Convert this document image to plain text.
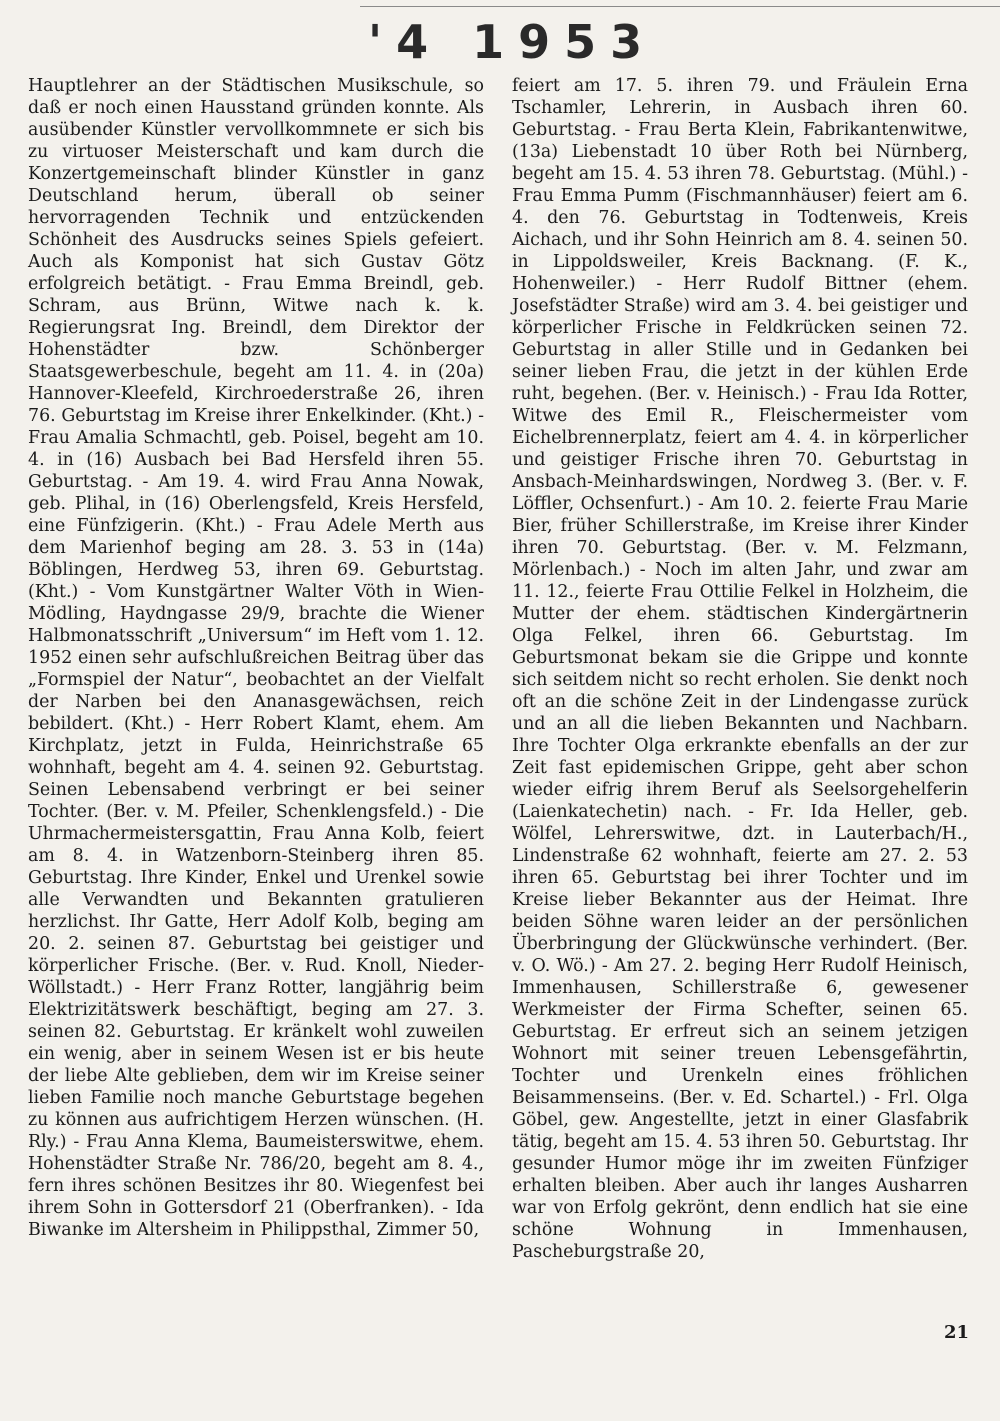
'4 1953

Hauptlehrer an der Städtischen Musikschule, so daß er noch einen Hausstand gründen konnte. Als ausübender Künstler vervollkommnete er sich bis zu virtuoser Meisterschaft und kam durch die Konzertgemeinschaft blinder Künstler in ganz Deutschland herum, überall ob seiner hervorragenden Technik und entzückenden Schönheit des Ausdrucks seines Spiels gefeiert. Auch als Komponist hat sich Gustav Götz erfolgreich betätigt. - Frau Emma Breindl, geb. Schram, aus Brünn, Witwe nach k. k. Regierungsrat Ing. Breindl, dem Direktor der Hohenstädter bzw. Schönberger Staatsgewerbeschule, begeht am 11. 4. in (20a) Hannover-Kleefeld, Kirchroederstraße 26, ihren 76. Geburtstag im Kreise ihrer Enkelkinder. (Kht.) - Frau Amalia Schmachtl, geb. Poisel, begeht am 10. 4. in (16) Ausbach bei Bad Hersfeld ihren 55. Geburtstag. - Am 19. 4. wird Frau Anna Nowak, geb. Plihal, in (16) Oberlengsfeld, Kreis Hersfeld, eine Fünfzigerin. (Kht.) - Frau Adele Merth aus dem Marienhof beging am 28. 3. 53 in (14a) Böblingen, Herdweg 53, ihren 69. Geburtstag. (Kht.) - Vom Kunstgärtner Walter Vöth in Wien-Mödling, Haydngasse 29/9, brachte die Wiener Halbmonatsschrift „Universum“ im Heft vom 1. 12. 1952 einen sehr aufschlußreichen Beitrag über das „Formspiel der Natur“, beobachtet an der Vielfalt der Narben bei den Ananasgewächsen, reich bebildert. (Kht.) - Herr Robert Klamt, ehem. Am Kirchplatz, jetzt in Fulda, Heinrichstraße 65 wohnhaft, begeht am 4. 4. seinen 92. Geburtstag. Seinen Lebensabend verbringt er bei seiner Tochter. (Ber. v. M. Pfeiler, Schenklengsfeld.) - Die Uhrmachermeistersgattin, Frau Anna Kolb, feiert am 8. 4. in Watzenborn-Steinberg ihren 85. Geburtstag. Ihre Kinder, Enkel und Urenkel sowie alle Verwandten und Bekannten gratulieren herzlichst. Ihr Gatte, Herr Adolf Kolb, beging am 20. 2. seinen 87. Geburtstag bei geistiger und körperlicher Frische. (Ber. v. Rud. Knoll, Nieder-Wöllstadt.) - Herr Franz Rotter, langjährig beim Elektrizitätswerk beschäftigt, beging am 27. 3. seinen 82. Geburtstag. Er kränkelt wohl zuweilen ein wenig, aber in seinem Wesen ist er bis heute der liebe Alte geblieben, dem wir im Kreise seiner lieben Familie noch manche Geburtstage begehen zu können aus aufrichtigem Herzen wünschen. (H. Rly.) - Frau Anna Klema, Baumeisterswitwe, ehem. Hohenstädter Straße Nr. 786/20, begeht am 8. 4., fern ihres schönen Besitzes ihr 80. Wiegenfest bei ihrem Sohn in Gottersdorf 21 (Oberfranken). - Ida Biwanke im Altersheim in Philippsthal, Zimmer 50,

feiert am 17. 5. ihren 79. und Fräulein Erna Tschamler, Lehrerin, in Ausbach ihren 60. Geburtstag. - Frau Berta Klein, Fabrikantenwitwe, (13a) Liebenstadt 10 über Roth bei Nürnberg, begeht am 15. 4. 53 ihren 78. Geburtstag. (Mühl.) - Frau Emma Pumm (Fischmannhäuser) feiert am 6. 4. den 76. Geburtstag in Todtenweis, Kreis Aichach, und ihr Sohn Heinrich am 8. 4. seinen 50. in Lippoldsweiler, Kreis Backnang. (F. K., Hohenweiler.) - Herr Rudolf Bittner (ehem. Josefstädter Straße) wird am 3. 4. bei geistiger und körperlicher Frische in Feldkrücken seinen 72. Geburtstag in aller Stille und in Gedanken bei seiner lieben Frau, die jetzt in der kühlen Erde ruht, begehen. (Ber. v. Heinisch.) - Frau Ida Rotter, Witwe des Emil R., Fleischermeister vom Eichelbrennerplatz, feiert am 4. 4. in körperlicher und geistiger Frische ihren 70. Geburtstag in Ansbach-Meinhardswingen, Nordweg 3. (Ber. v. F. Löffler, Ochsenfurt.) - Am 10. 2. feierte Frau Marie Bier, früher Schillerstraße, im Kreise ihrer Kinder ihren 70. Geburtstag. (Ber. v. M. Felzmann, Mörlenbach.) - Noch im alten Jahr, und zwar am 11. 12., feierte Frau Ottilie Felkel in Holzheim, die Mutter der ehem. städtischen Kindergärtnerin Olga Felkel, ihren 66. Geburtstag. Im Geburtsmonat bekam sie die Grippe und konnte sich seitdem nicht so recht erholen. Sie denkt noch oft an die schöne Zeit in der Lindengasse zurück und an all die lieben Bekannten und Nachbarn. Ihre Tochter Olga erkrankte ebenfalls an der zur Zeit fast epidemischen Grippe, geht aber schon wieder eifrig ihrem Beruf als Seelsorgehelferin (Laienkatechetin) nach. - Fr. Ida Heller, geb. Wölfel, Lehrerswitwe, dzt. in Lauterbach/H., Lindenstraße 62 wohnhaft, feierte am 27. 2. 53 ihren 65. Geburtstag bei ihrer Tochter und im Kreise lieber Bekannter aus der Heimat. Ihre beiden Söhne waren leider an der persönlichen Überbringung der Glückwünsche verhindert. (Ber. v. O. Wö.) - Am 27. 2. beging Herr Rudolf Heinisch, Immenhausen, Schillerstraße 6, gewesener Werkmeister der Firma Schefter, seinen 65. Geburtstag. Er erfreut sich an seinem jetzigen Wohnort mit seiner treuen Lebensgefährtin, Tochter und Urenkeln eines fröhlichen Beisammenseins. (Ber. v. Ed. Schartel.) - Frl. Olga Göbel, gew. Angestellte, jetzt in einer Glasfabrik tätig, begeht am 15. 4. 53 ihren 50. Geburtstag. Ihr gesunder Humor möge ihr im zweiten Fünfziger erhalten bleiben. Aber auch ihr langes Ausharren war von Erfolg gekrönt, denn endlich hat sie eine schöne Wohnung in Immenhausen, Pascheburgstraße 20,

21
